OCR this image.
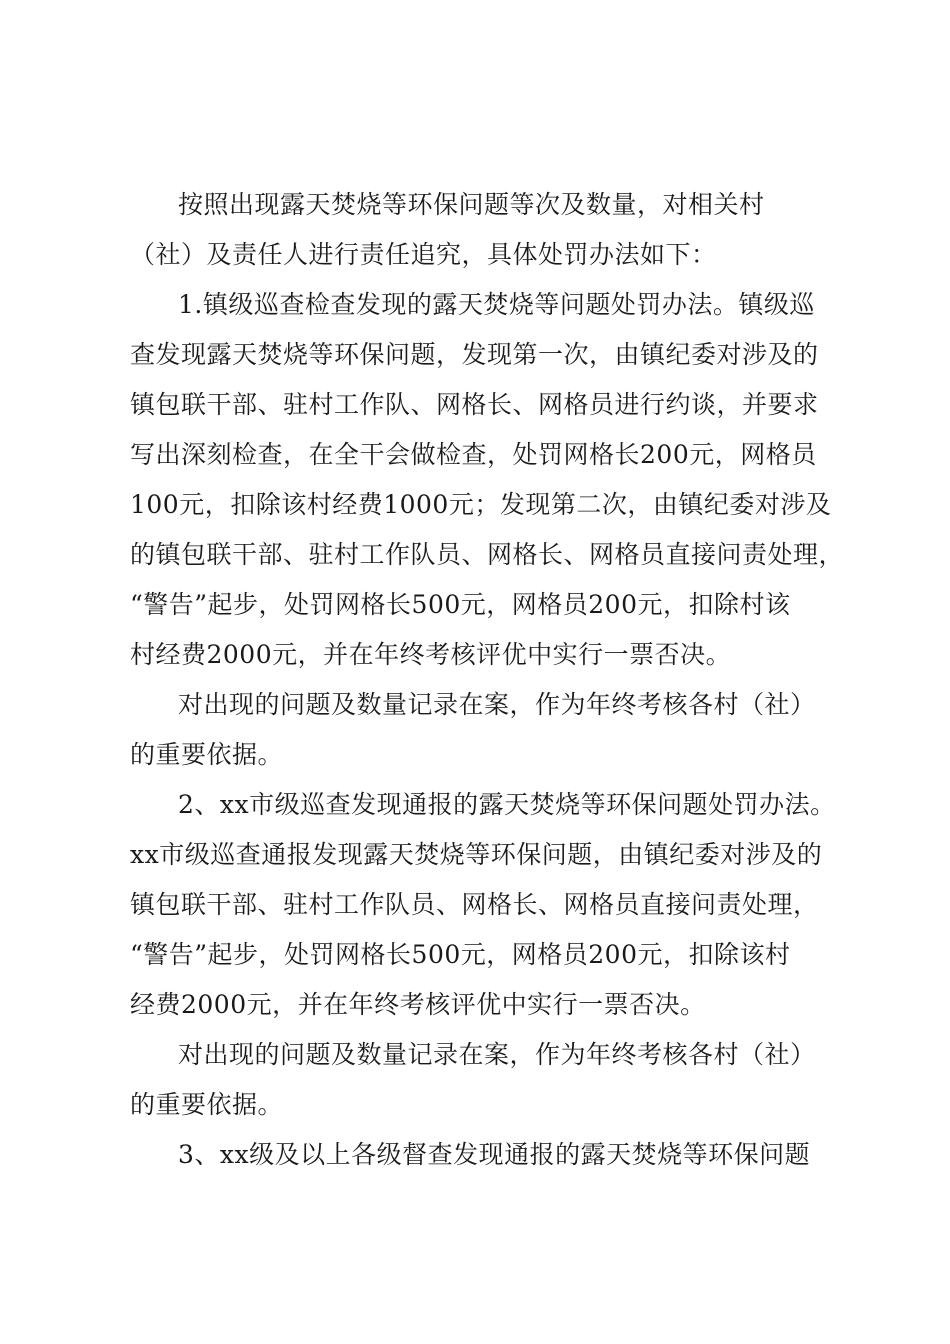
按照出现露天焚烧等环保问题等次及数量，对相关村
（社）及责任人进行责任追究，具体处罚办法如下：
1.镇级巡查检查发现的露天焚烧等问题处罚办法。镇级巡
查发现露天焚烧等环保问题，发现第一次，由镇纪委对涉及的
镇包联干部、驻村工作队、网格长、网格员进行约谈，并要求
写出深刻检查，在全干会做检查，处罚网格长200元，网格员
100元，扣除该村经费1000元；发现第二次，由镇纪委对涉及
的镇包联干部、驻村工作队员、网格长、网格员直接问责处理，
“警告”起步，处罚网格长500元，网格员200元，扣除村该
村经费2000元，并在年终考核评优中实行一票否决。
对出现的问题及数量记录在案，作为年终考核各村（社）
的重要依据。
2、xx市级巡查发现通报的露天焚烧等环保问题处罚办法。
xx市级巡查通报发现露天焚烧等环保问题，由镇纪委对涉及的
镇包联干部、驻村工作队员、网格长、网格员直接问责处理，
“警告”起步，处罚网格长500元，网格员200元，扣除该村
经费2000元，并在年终考核评优中实行一票否决。
对出现的问题及数量记录在案，作为年终考核各村（社）
的重要依据。
3、xx级及以上各级督查发现通报的露天焚烧等环保问题
